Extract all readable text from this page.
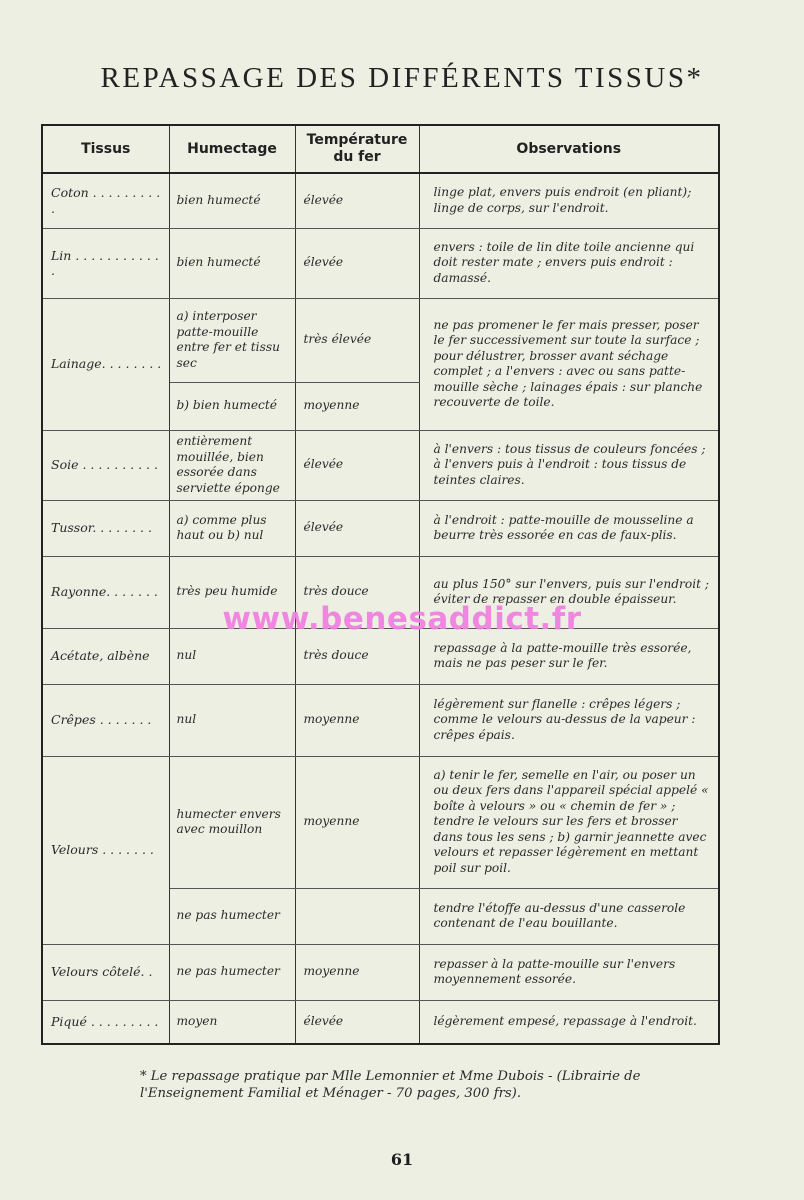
REPASSAGE DES DIFFÉRENTS TISSUS*
Tissus	Humectage	Température du fer	Observations
Coton . . . . . . . . . .	bien humecté	élevée	linge plat, envers puis endroit (en pliant); linge de corps, sur l'endroit.
Lin . . . . . . . . . . . .	bien humecté	élevée	envers : toile de lin dite toile ancienne qui doit rester mate ; envers puis endroit : damassé.
Lainage. . . . . . . .	a) interposer patte-mouille entre fer et tissu sec	très élevée	ne pas promener le fer mais presser, poser le fer successivement sur toute la surface ; pour délustrer, brosser avant séchage complet ; a l'envers : avec ou sans patte-mouille sèche ; lainages épais : sur planche recouverte de toile.
	b) bien humecté	moyenne	
Soie . . . . . . . . . .	entièrement mouillée, bien essorée dans serviette éponge	élevée	à l'envers : tous tissus de couleurs foncées ; à l'envers puis à l'endroit : tous tissus de teintes claires.
Tussor. . . . . . . .	a) comme plus haut ou b) nul	élevée	à l'endroit : patte-mouille de mousseline a beurre très essorée en cas de faux-plis.
Rayonne. . . . . . .	très peu humide	très douce	au plus 150° sur l'envers, puis sur l'endroit ; éviter de repasser en double épaisseur.
Acétate, albène	nul	très douce	repassage à la patte-mouille très essorée, mais ne pas peser sur le fer.
Crêpes . . . . . . .	nul	moyenne	légèrement sur flanelle : crêpes légers ; comme le velours au-dessus de la vapeur : crêpes épais.
Velours . . . . . . .	humecter envers avec mouillon	moyenne	a) tenir le fer, semelle en l'air, ou poser un ou deux fers dans l'appareil spécial appelé « boîte à velours » ou « chemin de fer » ; tendre le velours sur les fers et brosser dans tous les sens ; b) garnir jeannette avec velours et repasser légèrement en mettant poil sur poil.
	ne pas humecter		tendre l'étoffe au-dessus d'une casserole contenant de l'eau bouillante.
Velours côtelé. .	ne pas humecter	moyenne	repasser à la patte-mouille sur l'envers moyennement essorée.
Piqué . . . . . . . . .	moyen	élevée	légèrement empesé, repassage à l'endroit.
www.benesaddict.fr
* Le repassage pratique par Mlle Lemonnier et Mme Dubois - (Librairie de l'Enseignement Familial et Ménager - 70 pages, 300 frs).
61
